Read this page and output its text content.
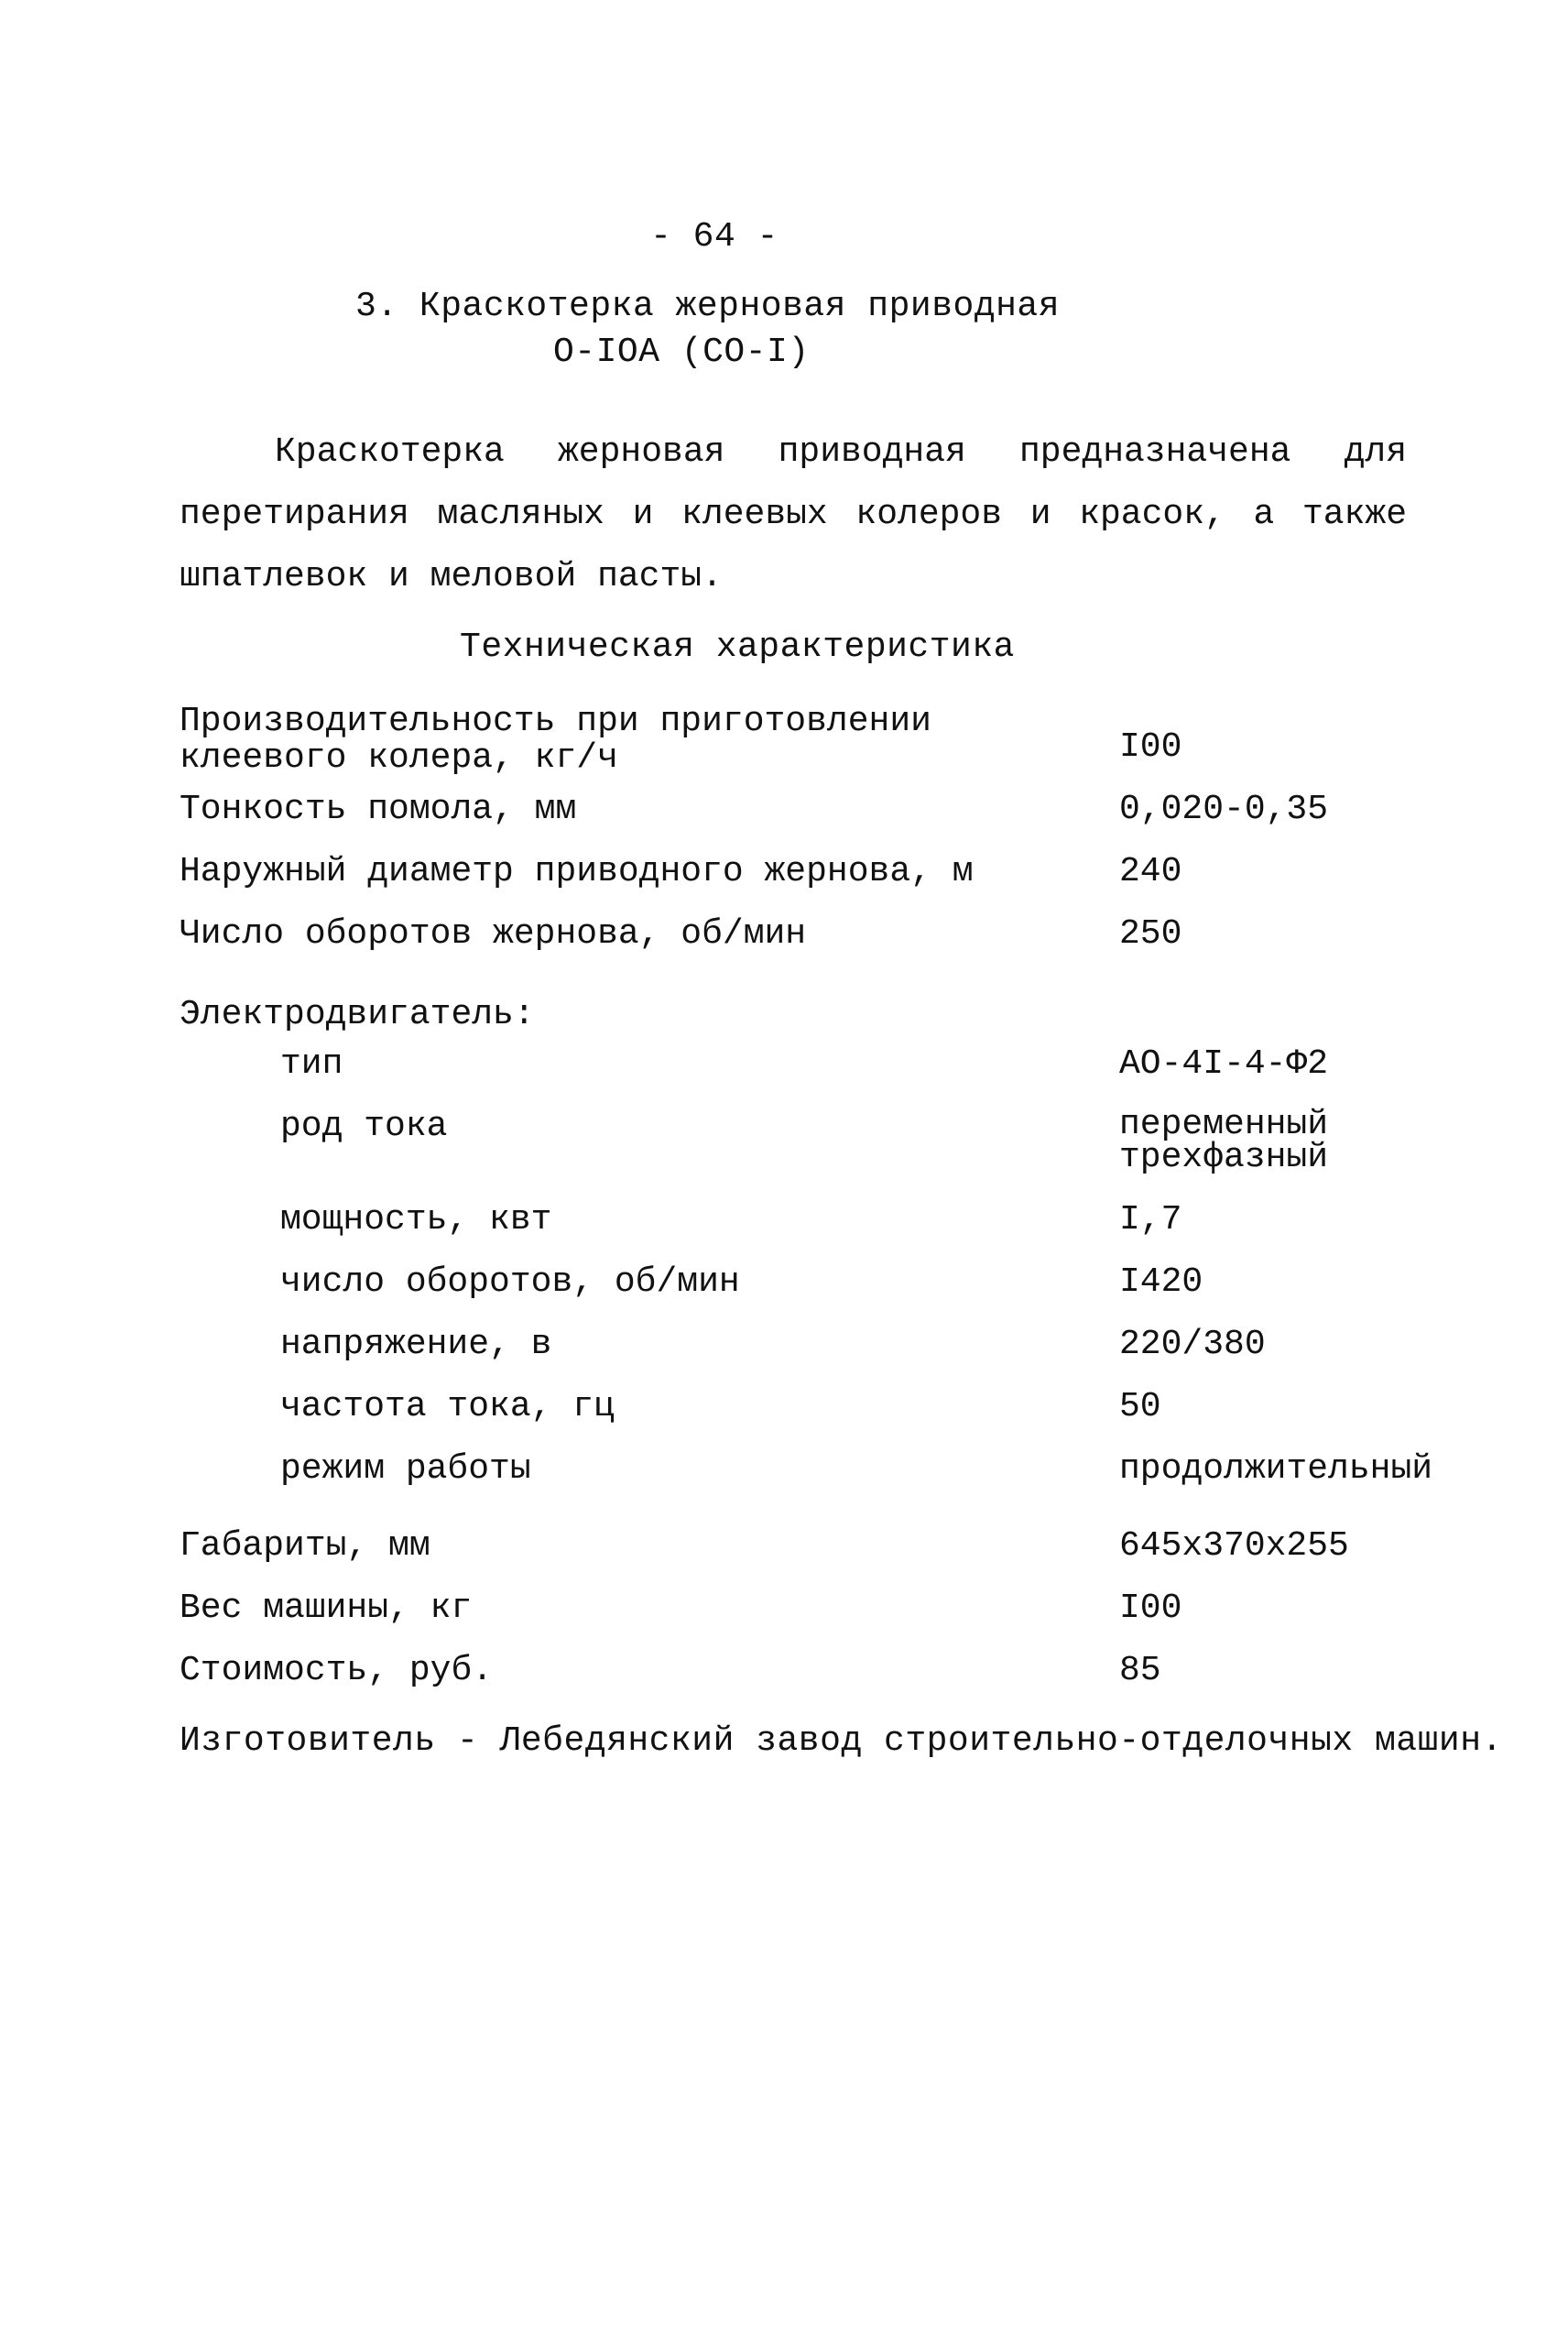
- 64 -
3. Краскотерка жерновая приводная
О-IOА (СО-I)
Краскотерка жерновая приводная предназначена для перетирания масляных и клеевых колеров и красок, а также шпатлевок и меловой пасты.
Техническая характеристика
Производительность при приготовлении
клеевого колера, кг/ч	I00
Тонкость помола, мм	0,020-0,35
Наружный диаметр приводного жернова, м	240
Число оборотов жернова, об/мин	250
Электродвигатель:
тип	АО-4I-4-Ф2
род тока	переменный
трехфазный
мощность, квт	I,7
число оборотов, об/мин	I420
напряжение, в	220/380
частота тока, гц	50
режим работы	продолжительный
Габариты, мм	645х370х255
Вес машины, кг	I00
Стоимость, руб.	85
Изготовитель - Лебедянский завод строительно-отделочных машин.
